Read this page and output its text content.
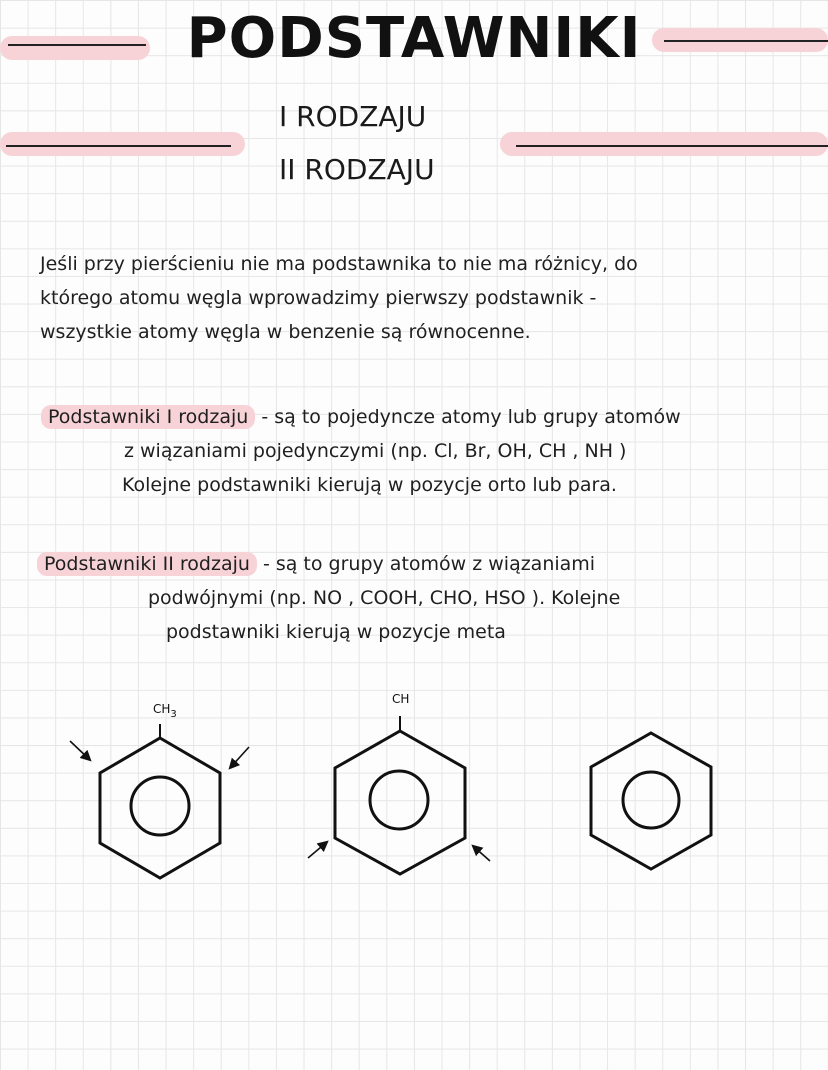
PODSTAWNIKI
I RODZAJU
II RODZAJU
Jeśli przy pierścieniu nie ma podstawnika to nie ma różnicy, do
którego atomu węgla wprowadzimy pierwszy podstawnik -
wszystkie atomy węgla w benzenie są równocenne.
Podstawniki I rodzaju - są to pojedyncze atomy lub grupy atomów
z wiązaniami pojedynczymi (np. Cl, Br, OH, CH , NH )
Kolejne podstawniki kierują w pozycje orto lub para.
Podstawniki II rodzaju - są to grupy atomów z wiązaniami
podwójnymi (np. NO , COOH, CHO, HSO ). Kolejne
podstawniki kierują w pozycje meta
$CH_3$
CH
